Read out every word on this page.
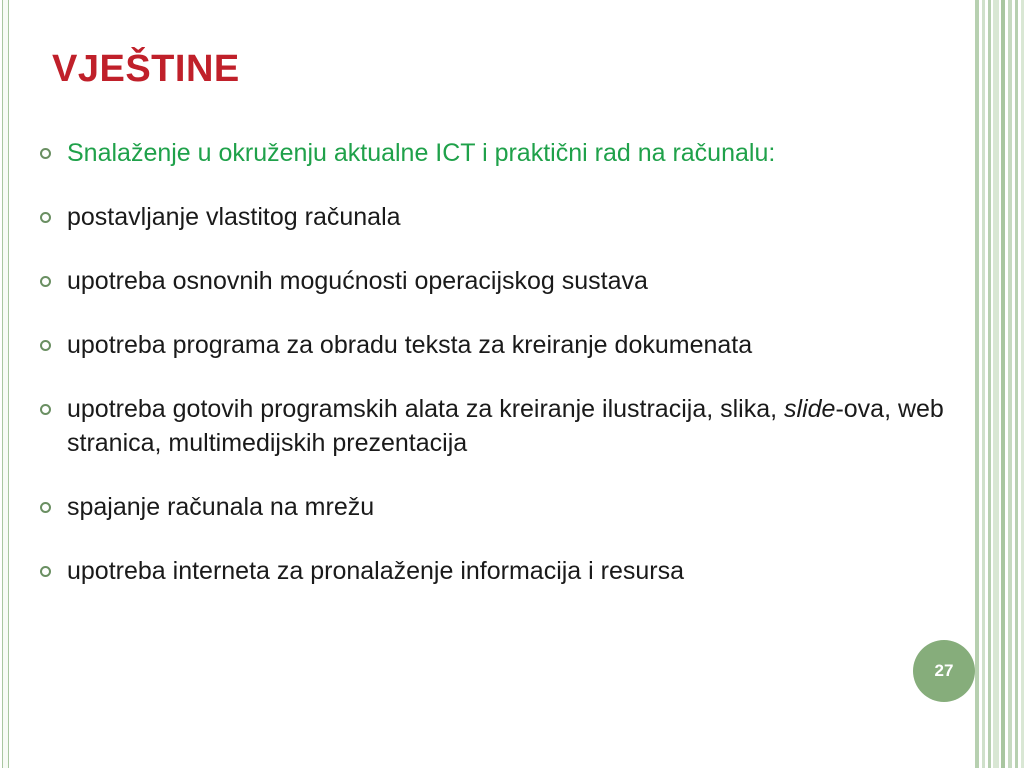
VJEŠTINE
Snalaženje u okruženju aktualne ICT i praktični rad na računalu:
postavljanje vlastitog računala
upotreba osnovnih mogućnosti operacijskog sustava
upotreba programa za obradu teksta za kreiranje dokumenata
upotreba gotovih programskih alata za kreiranje ilustracija, slika, slide-ova, web stranica, multimedijskih prezentacija
spajanje računala na mrežu
upotreba interneta za pronalaženje informacija i resursa
27
